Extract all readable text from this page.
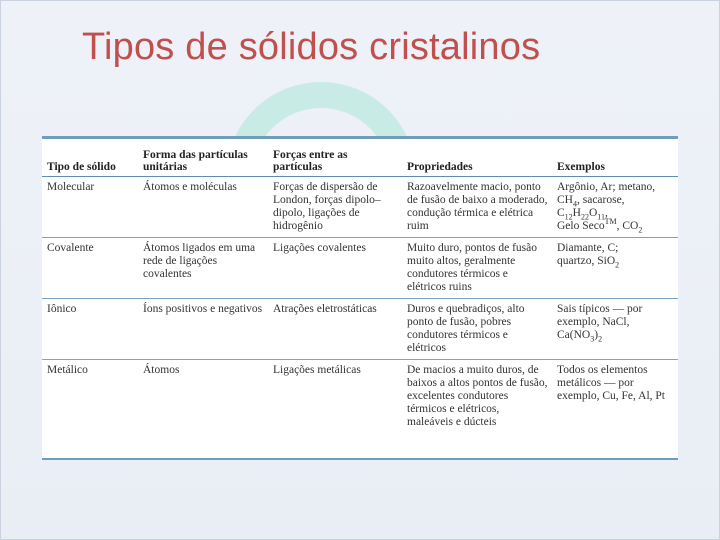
Tipos de sólidos cristalinos
Tipo de sólido	Forma das partículas unitárias	Forças entre as partículas	Propriedades	Exemplos
Molecular	Átomos e moléculas	Forças de dispersão de London, forças dipolo–dipolo, ligações de hidrogênio	Razoavelmente macio, ponto de fusão de baixo a moderado, condução térmica e elétrica ruim	Argônio, Ar; metano,
$CH_4$, sacarose,
$C_{12}H_{22}O_{11}$,
Gelo Seco™, $CO_2$
Covalente	Átomos ligados em uma rede de ligações covalentes	Ligações covalentes	Muito duro, pontos de fusão muito altos, geralmente condutores térmicos e elétricos ruins	Diamante, C;
quartzo, SiO$_2$
Iônico	Íons positivos e negativos	Atrações eletrostáticas	Duros e quebradiços, alto ponto de fusão, pobres condutores térmicos e elétricos	Sais típicos — por exemplo, NaCl,
$Ca(NO_3)_2$
Metálico	Átomos	Ligações metálicas	De macios a muito duros, de baixos a altos pontos de fusão, excelentes condutores térmicos e elétricos, maleáveis e dúcteis	Todos os elementos metálicos — por exemplo, Cu, Fe, Al, Pt
